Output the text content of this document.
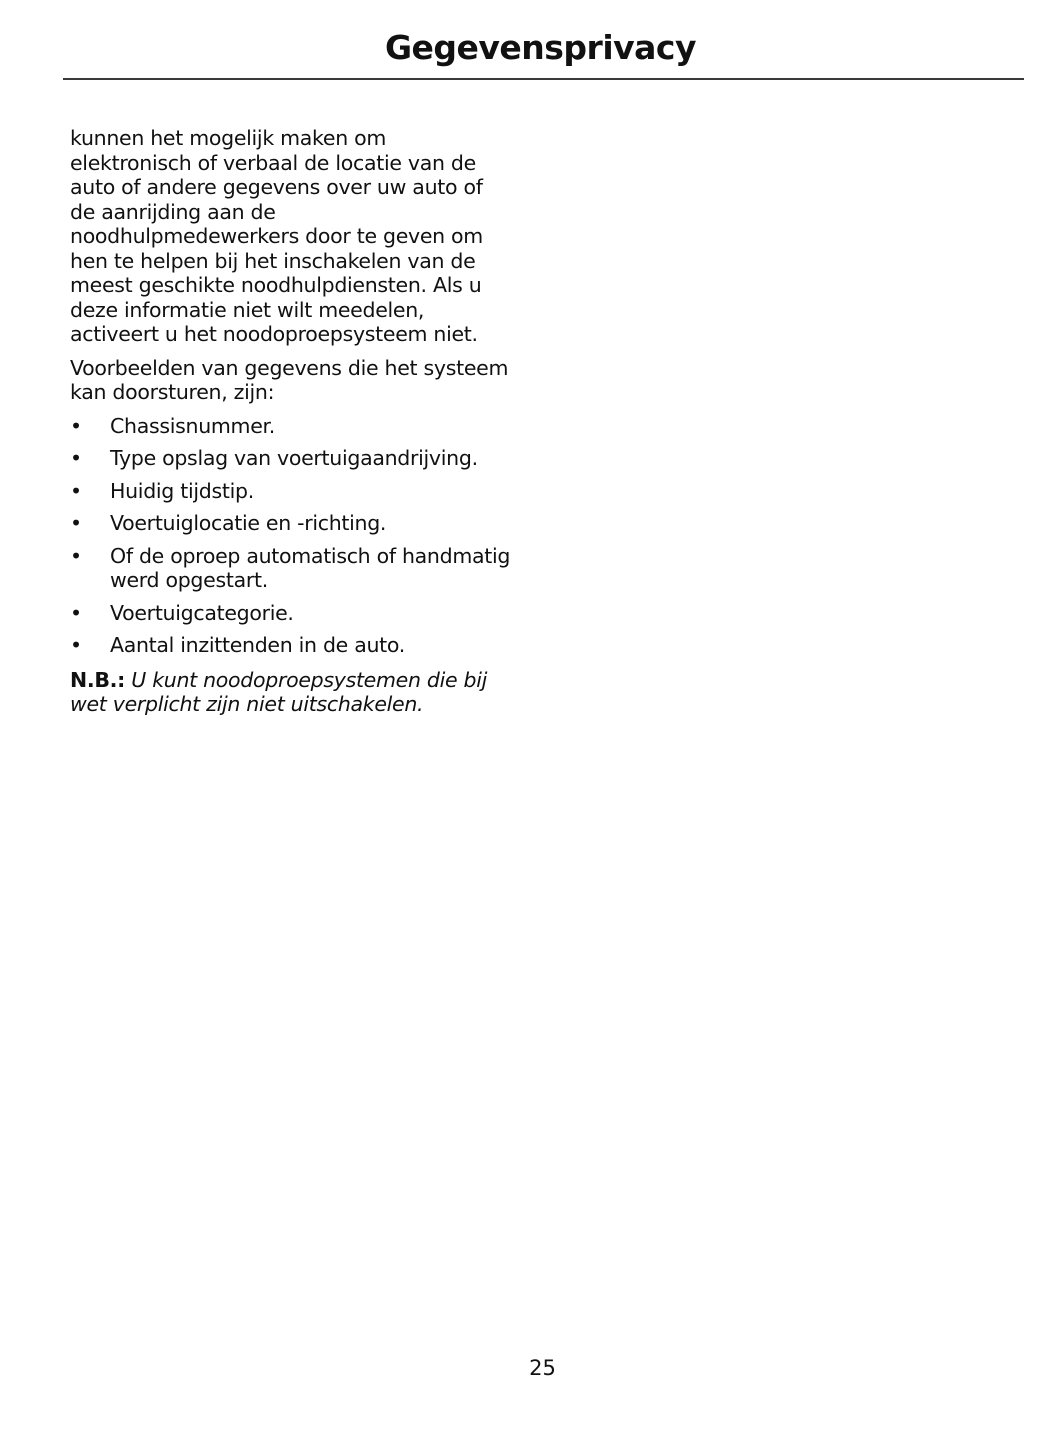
Gegevensprivacy

kunnen het mogelijk maken om
elektronisch of verbaal de locatie van de
auto of andere gegevens over uw auto of
de aanrijding aan de
noodhulpmedewerkers door te geven om
hen te helpen bij het inschakelen van de
meest geschikte noodhulpdiensten. Als u
deze informatie niet wilt meedelen,
activeert u het noodoproepsysteem niet.

Voorbeelden van gegevens die het systeem kan doorsturen, zijn:

• Chassisnummer.
• Type opslag van voertuigaandrijving.
• Huidig tijdstip.
• Voertuiglocatie en -richting.
• Of de oproep automatisch of handmatig werd opgestart.
• Voertuigcategorie.
• Aantal inzittenden in de auto.

N.B.: U kunt noodoproepsystemen die bij wet verplicht zijn niet uitschakelen.

25
